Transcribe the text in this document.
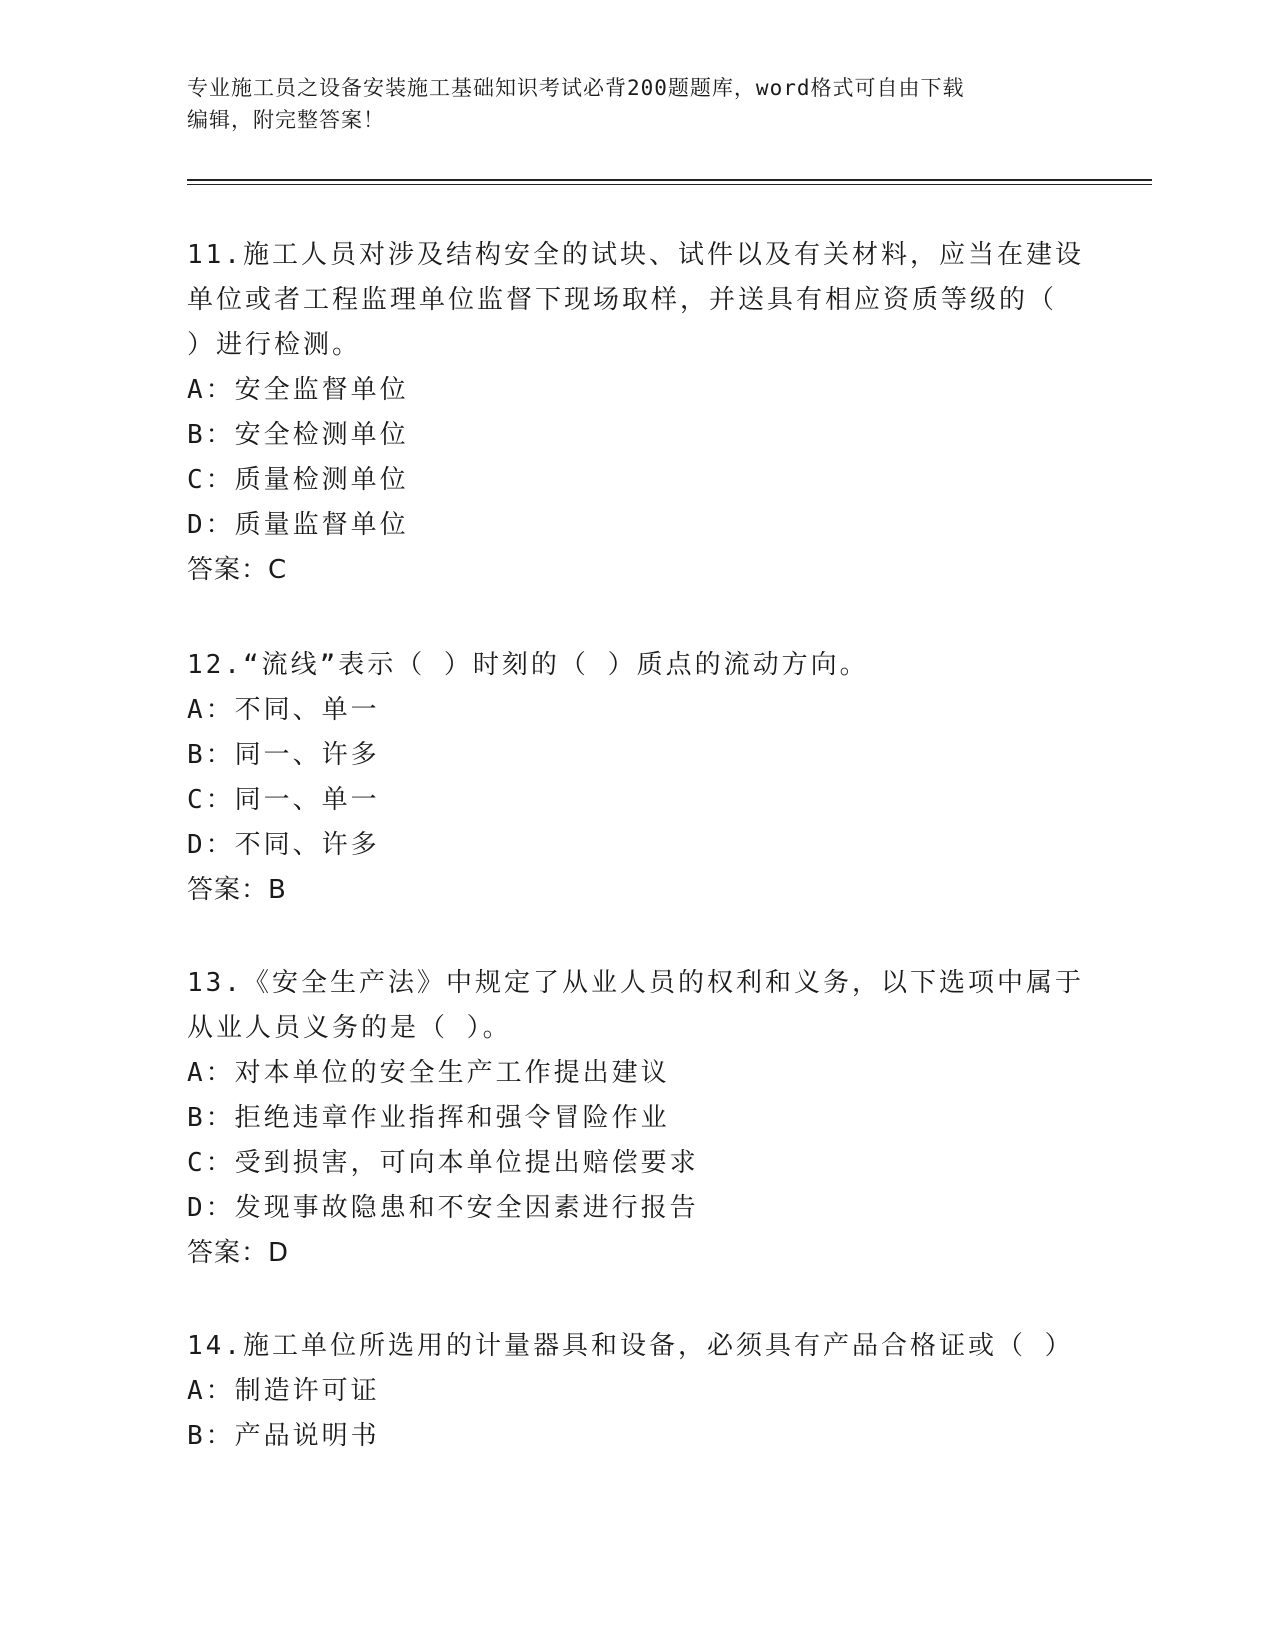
专业施工员之设备安装施工基础知识考试必背200题题库，word格式可自由下载
编辑，附完整答案！

11.施工人员对涉及结构安全的试块、试件以及有关材料，应当在建设

单位或者工程监理单位监督下现场取样，并送具有相应资质等级的（

）进行检测。

A：安全监督单位

B：安全检测单位

C：质量检测单位

D：质量监督单位

答案：C

12.“流线”表示（ ）时刻的（ ）质点的流动方向。

A：不同、单一

B：同一、许多

C：同一、单一

D：不同、许多

答案：B

13.《安全生产法》中规定了从业人员的权利和义务，以下选项中属于

从业人员义务的是（ ）。

A：对本单位的安全生产工作提出建议

B：拒绝违章作业指挥和强令冒险作业

C：受到损害，可向本单位提出赔偿要求

D：发现事故隐患和不安全因素进行报告

答案：D

14.施工单位所选用的计量器具和设备，必须具有产品合格证或（ ）

A：制造许可证

B：产品说明书
